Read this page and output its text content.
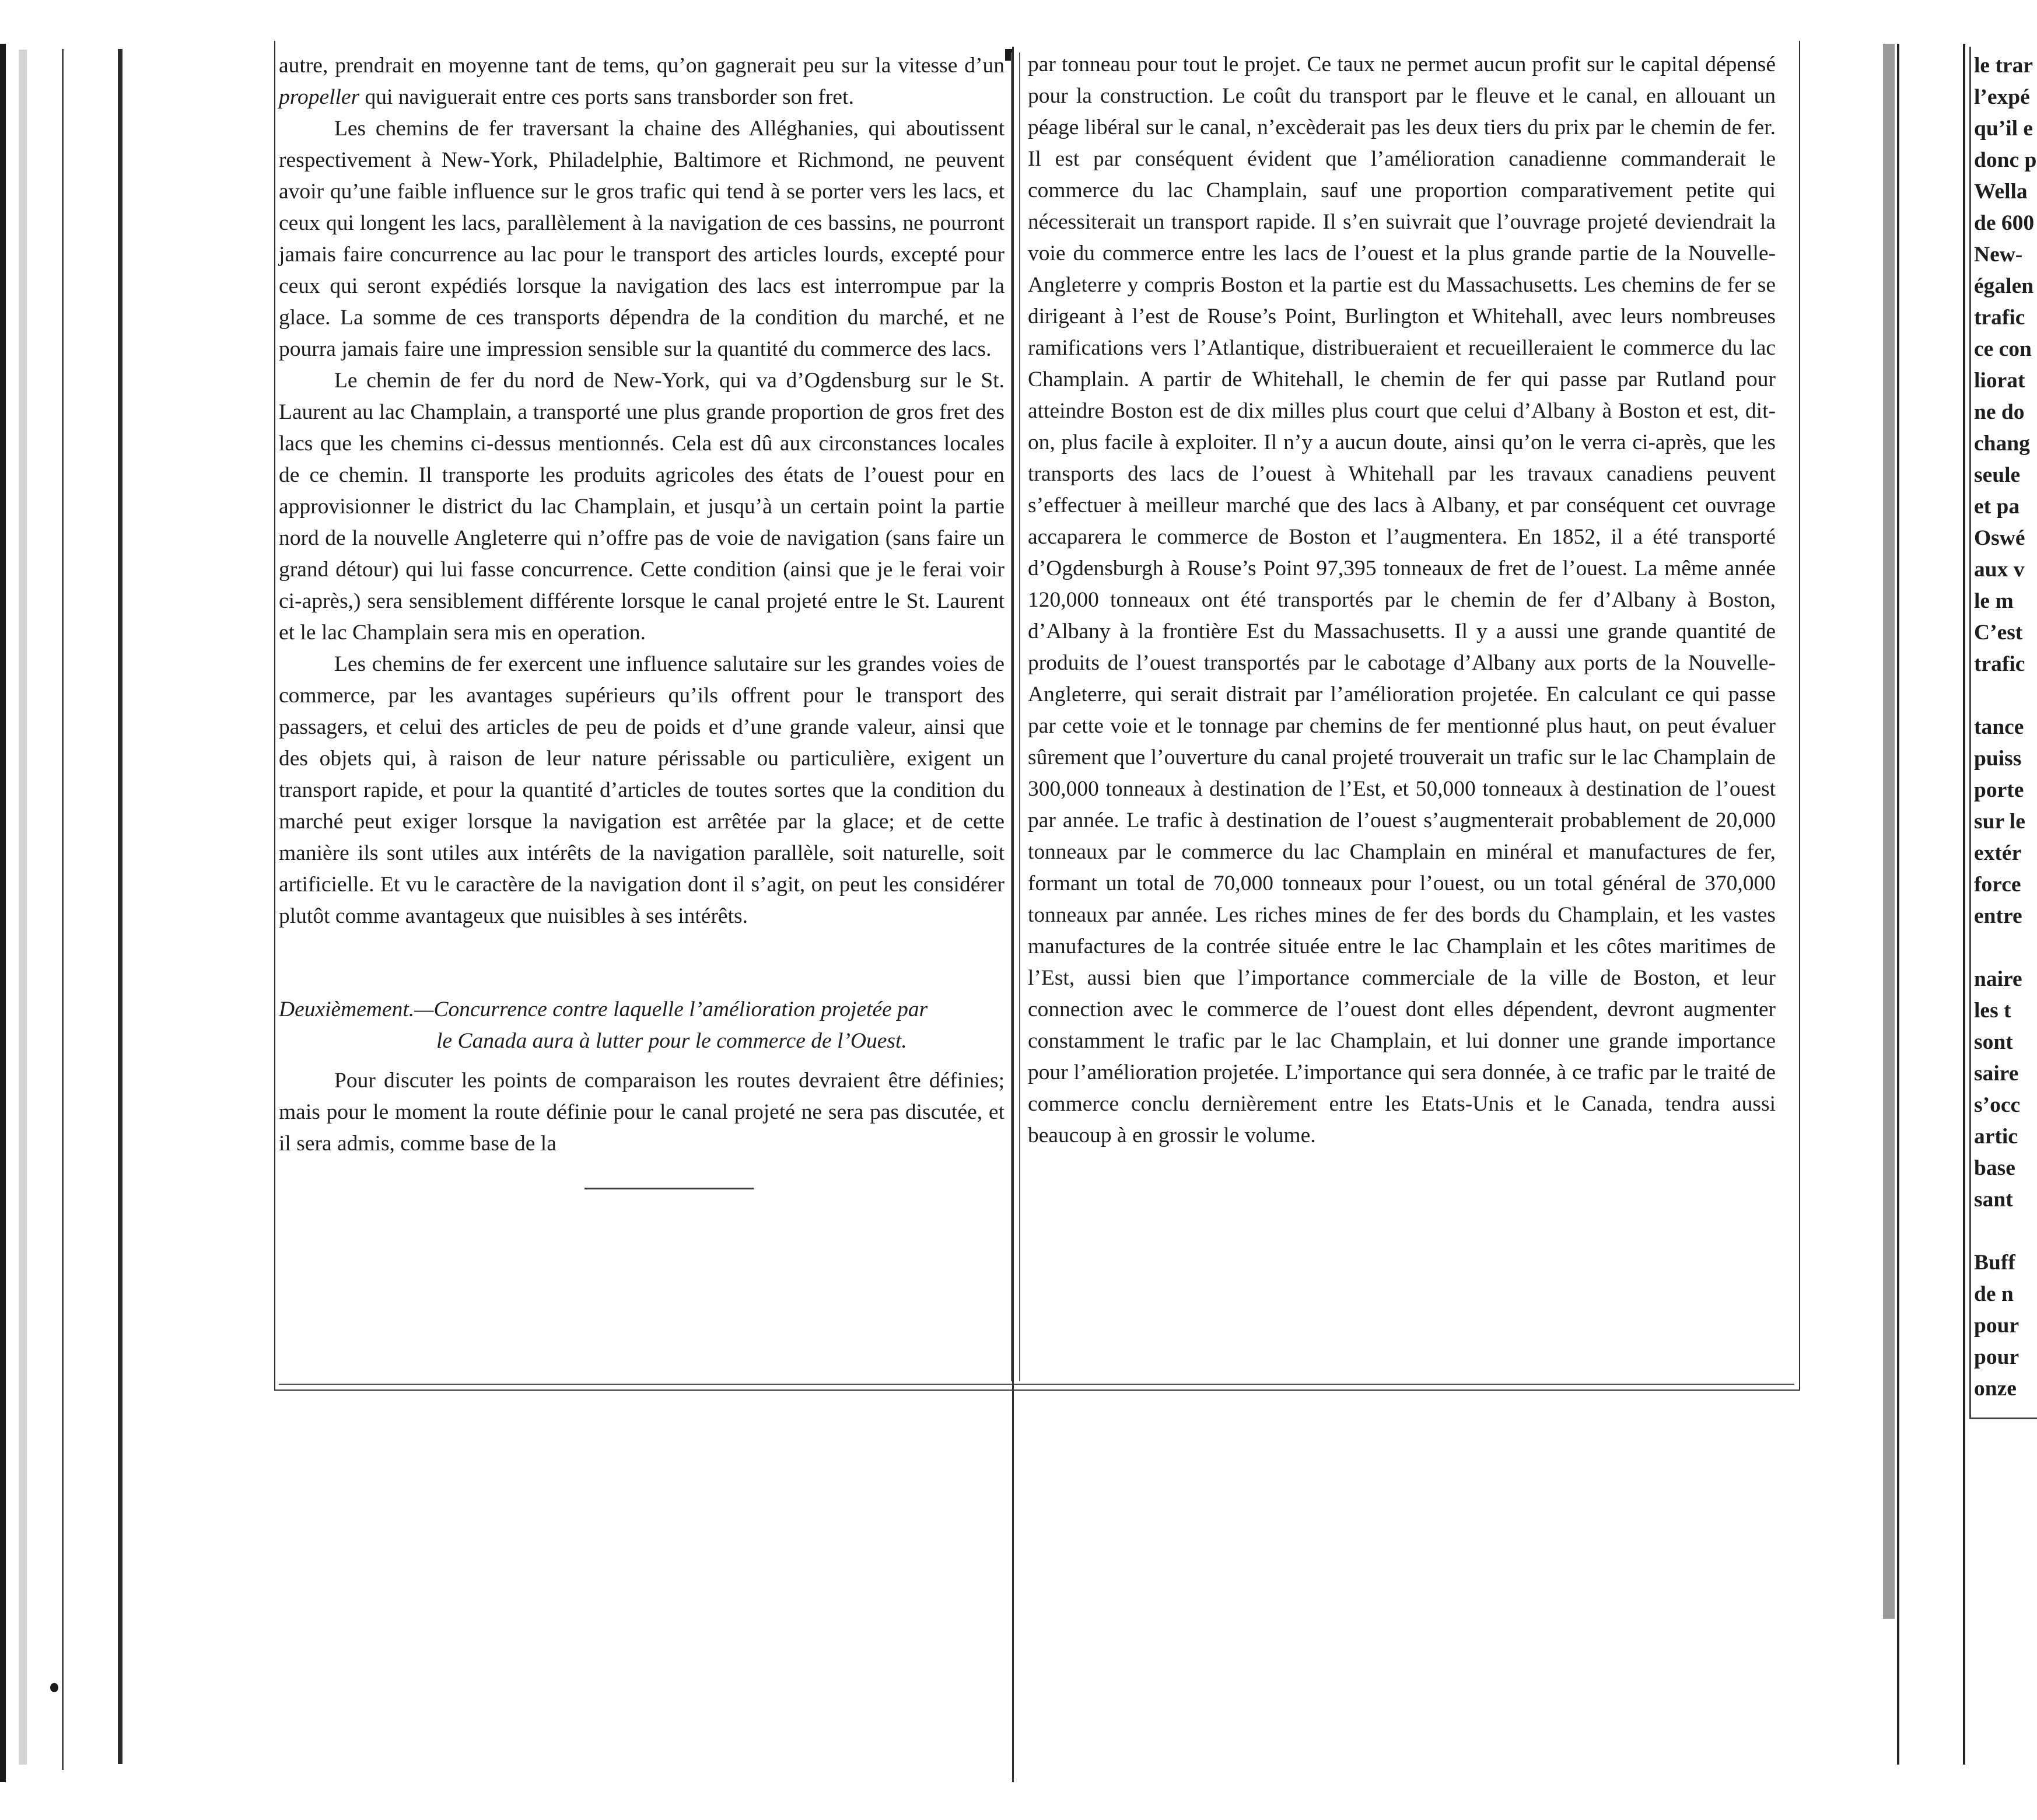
autre, prendrait en moyenne tant de tems, qu’on gagnerait peu sur la vitesse d’un propeller qui naviguerait entre ces ports sans transborder son fret.

Les chemins de fer traversant la chaine des Alléghanies, qui aboutissent respectivement à New-York, Philadelphie, Baltimore et Richmond, ne peuvent avoir qu’une faible influence sur le gros trafic qui tend à se porter vers les lacs, et ceux qui longent les lacs, parallèlement à la navigation de ces bassins, ne pourront jamais faire concurrence au lac pour le transport des articles lourds, excepté pour ceux qui seront expédiés lorsque la navigation des lacs est interrompue par la glace. La somme de ces transports dépendra de la condition du marché, et ne pourra jamais faire une impression sensible sur la quantité du commerce des lacs.

Le chemin de fer du nord de New-York, qui va d’Ogdensburg sur le St. Laurent au lac Champlain, a transporté une plus grande proportion de gros fret des lacs que les chemins ci-dessus mentionnés. Cela est dû aux circonstances locales de ce chemin. Il transporte les produits agricoles des états de l’ouest pour en approvisionner le district du lac Champlain, et jusqu’à un certain point la partie nord de la nouvelle Angleterre qui n’offre pas de voie de navigation (sans faire un grand détour) qui lui fasse concurrence. Cette condition (ainsi que je le ferai voir ci-après,) sera sensiblement différente lorsque le canal projeté entre le St. Laurent et le lac Champlain sera mis en operation.

Les chemins de fer exercent une influence salutaire sur les grandes voies de commerce, par les avantages supérieurs qu’ils offrent pour le transport des passagers, et celui des articles de peu de poids et d’une grande valeur, ainsi que des objets qui, à raison de leur nature périssable ou particulière, exigent un transport rapide, et pour la quantité d’articles de toutes sortes que la condition du marché peut exiger lorsque la navigation est arrêtée par la glace; et de cette manière ils sont utiles aux intérêts de la navigation parallèle, soit naturelle, soit artificielle. Et vu le caractère de la navigation dont il s’agit, on peut les considérer plutôt comme avantageux que nuisibles à ses intérêts.

Deuxièmement.—Concurrence contre laquelle l’amélioration projetée par
le Canada aura à lutter pour le commerce de l’Ouest.

Pour discuter les points de comparaison les routes devraient être définies; mais pour le moment la route définie pour le canal projeté ne sera pas discutée, et il sera admis, comme base de la

par tonneau pour tout le projet. Ce taux ne permet aucun profit sur le capital dépensé pour la construction. Le coût du transport par le fleuve et le canal, en allouant un péage libéral sur le canal, n’excèderait pas les deux tiers du prix par le chemin de fer. Il est par conséquent évident que l’amélioration canadienne commanderait le commerce du lac Champlain, sauf une proportion comparativement petite qui nécessiterait un transport rapide. Il s’en suivrait que l’ouvrage projeté deviendrait la voie du commerce entre les lacs de l’ouest et la plus grande partie de la Nouvelle-Angleterre y compris Boston et la partie est du Massachusetts. Les chemins de fer se dirigeant à l’est de Rouse’s Point, Burlington et Whitehall, avec leurs nombreuses ramifications vers l’Atlantique, distribueraient et recueilleraient le commerce du lac Champlain. A partir de Whitehall, le chemin de fer qui passe par Rutland pour atteindre Boston est de dix milles plus court que celui d’Albany à Boston et est, dit-on, plus facile à exploiter. Il n’y a aucun doute, ainsi qu’on le verra ci-après, que les transports des lacs de l’ouest à Whitehall par les travaux canadiens peuvent s’effectuer à meilleur marché que des lacs à Albany, et par conséquent cet ouvrage accaparera le commerce de Boston et l’augmentera. En 1852, il a été transporté d’Ogdensburgh à Rouse’s Point 97,395 tonneaux de fret de l’ouest. La même année 120,000 tonneaux ont été transportés par le chemin de fer d’Albany à Boston, d’Albany à la frontière Est du Massachusetts. Il y a aussi une grande quantité de produits de l’ouest transportés par le cabotage d’Albany aux ports de la Nouvelle-Angleterre, qui serait distrait par l’amélioration projetée. En calculant ce qui passe par cette voie et le tonnage par chemins de fer mentionné plus haut, on peut évaluer sûrement que l’ouverture du canal projeté trouverait un trafic sur le lac Champlain de 300,000 tonneaux à destination de l’Est, et 50,000 tonneaux à destination de l’ouest par année. Le trafic à destination de l’ouest s’augmenterait probablement de 20,000 tonneaux par le commerce du lac Champlain en minéral et manufactures de fer, formant un total de 70,000 tonneaux pour l’ouest, ou un total général de 370,000 tonneaux par année. Les riches mines de fer des bords du Champlain, et les vastes manufactures de la contrée située entre le lac Champlain et les côtes maritimes de l’Est, aussi bien que l’importance commerciale de la ville de Boston, et leur connection avec le commerce de l’ouest dont elles dépendent, devront augmenter constamment le trafic par le lac Champlain, et lui donner une grande importance pour l’amélioration projetée. L’importance qui sera donnée, à ce trafic par le traité de commerce conclu dernièrement entre les Etats-Unis et le Canada, tendra aussi beaucoup à en grossir le volume.

le trar
l’expé
qu’il e
donc p
Wella
de 600
New-
égalen
trafic
ce con
liorat
ne do
chang
seule
et pa
Oswé
aux v
le m
C’est
trafic
tance
puiss
porte
sur le
extér
force
entre
naire
les t
sont
saire
s’occ
artic
base
sant
Buff
de n
pour
pour
onze
